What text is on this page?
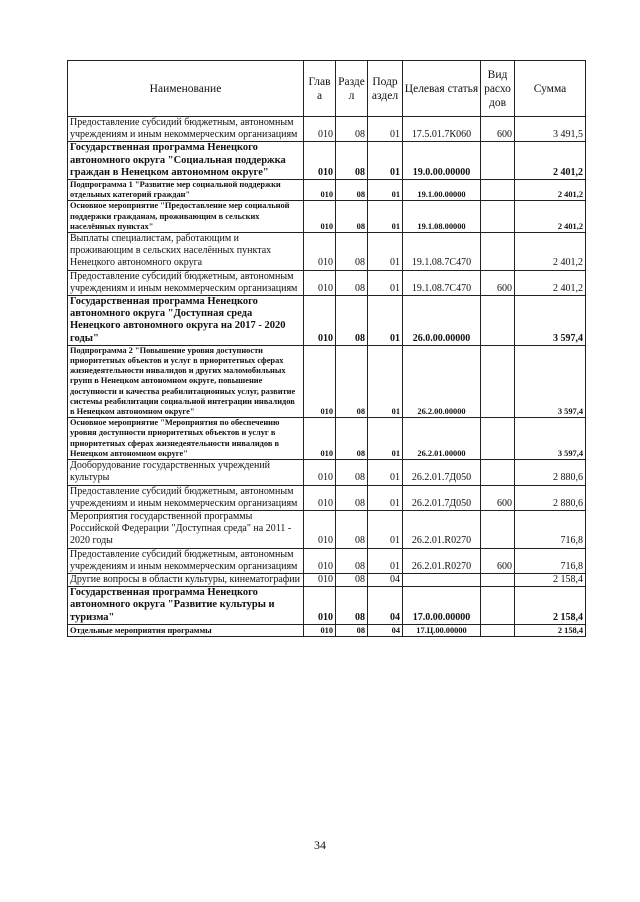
Наименование	Глав а	Разде л	Подр аздел	Целевая статья	Вид расхо дов	Сумма
Предоставление субсидий бюджетным, автономным учреждениям и иным некоммерческим организациям	010	08	01	17.5.01.7К060	600	3 491,5
Государственная программа Ненецкого автономного округа "Социальная поддержка граждан в Ненецком автономном округе"	010	08	01	19.0.00.00000		2 401,2
Подпрограмма 1 "Развитие мер социальной поддержки отдельных категорий граждан"	010	08	01	19.1.00.00000		2 401,2
Основное мероприятие "Предоставление мер социальной поддержки гражданам, проживающим в сельских населённых пунктах"	010	08	01	19.1.08.00000		2 401,2
Выплаты специалистам, работающим и проживающим в сельских населённых пунктах Ненецкого автономного округа	010	08	01	19.1.08.7С470		2 401,2
Предоставление субсидий бюджетным, автономным учреждениям и иным некоммерческим организациям	010	08	01	19.1.08.7С470	600	2 401,2
Государственная программа Ненецкого автономного округа "Доступная среда Ненецкого автономного округа на 2017 - 2020 годы"	010	08	01	26.0.00.00000		3 597,4
Подпрограмма 2 "Повышение уровня доступности приоритетных объектов и услуг в приоритетных сферах жизнедеятельности инвалидов и других маломобильных групп в Ненецком автономном округе, повышение доступности и качества реабилитационных услуг, развитие системы реабилитации социальной интеграции инвалидов в Ненецком автономном округе"	010	08	01	26.2.00.00000		3 597,4
Основное мероприятие "Мероприятия по обеспечению уровня доступности приоритетных объектов и услуг в приоритетных сферах жизнедеятельности инвалидов в Ненецком автономном округе"	010	08	01	26.2.01.00000		3 597,4
Дооборудование государственных учреждений культуры	010	08	01	26.2.01.7Д050		2 880,6
Предоставление субсидий бюджетным, автономным учреждениям и иным некоммерческим организациям	010	08	01	26.2.01.7Д050	600	2 880,6
Мероприятия государственной программы Российской Федерации "Доступная среда" на 2011 - 2020 годы	010	08	01	26.2.01.R0270		716,8
Предоставление субсидий бюджетным, автономным учреждениям и иным некоммерческим организациям	010	08	01	26.2.01.R0270	600	716,8
Другие вопросы в области культуры, кинематографии	010	08	04			2 158,4
Государственная программа Ненецкого автономного округа "Развитие культуры и туризма"	010	08	04	17.0.00.00000		2 158,4
Отдельные мероприятия программы	010	08	04	17.Ц.00.00000		2 158,4
34
